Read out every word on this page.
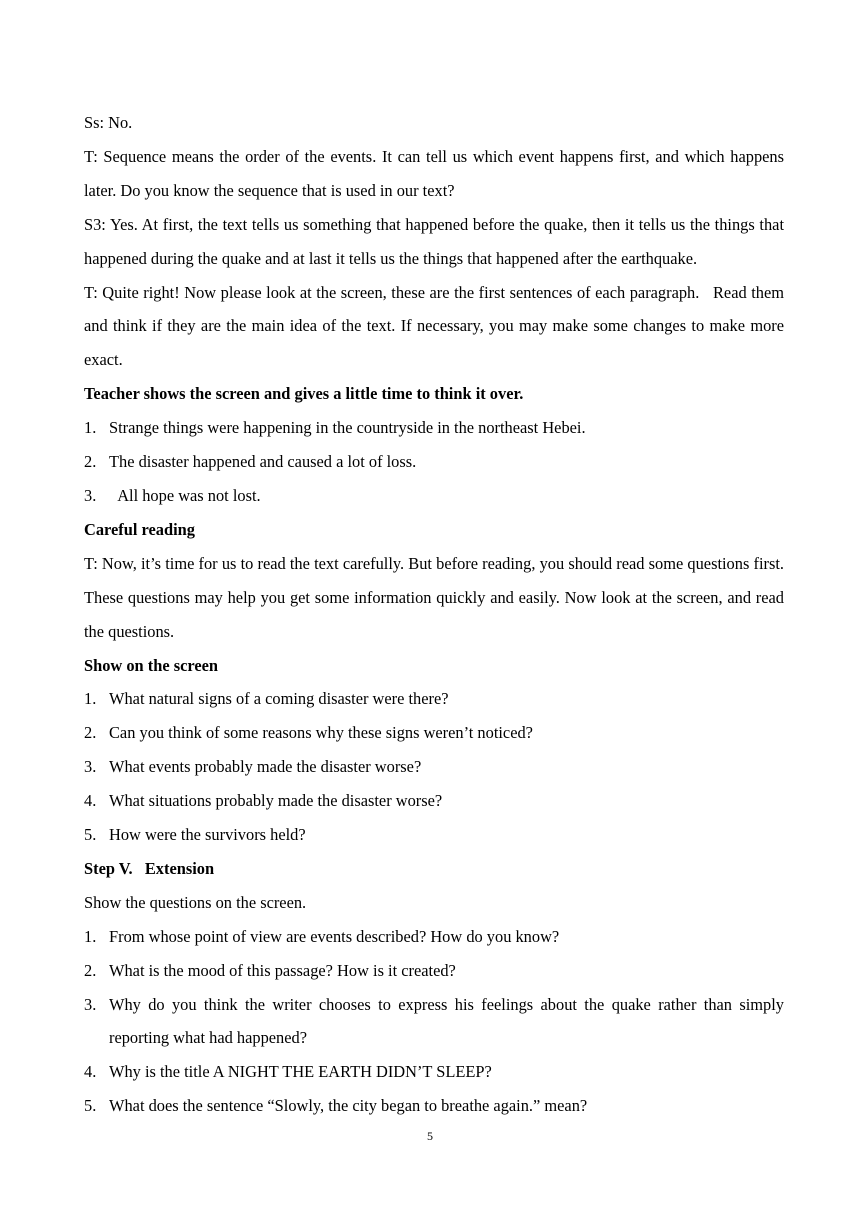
Ss: No.

T: Sequence means the order of the events. It can tell us which event happens first, and which happens later. Do you know the sequence that is used in our text?

S3: Yes. At first, the text tells us something that happened before the quake, then it tells us the things that happened during the quake and at last it tells us the things that happened after the earthquake.

T: Quite right! Now please look at the screen, these are the first sentences of each paragraph.   Read them and think if they are the main idea of the text. If necessary, you may make some changes to make more exact.

Teacher shows the screen and gives a little time to think it over.

1. Strange things were happening in the countryside in the northeast Hebei.
2. The disaster happened and caused a lot of loss.
3. All hope was not lost.

Careful reading

T: Now, it’s time for us to read the text carefully. But before reading, you should read some questions first. These questions may help you get some information quickly and easily. Now look at the screen, and read the questions.

Show on the screen

1. What natural signs of a coming disaster were there?
2. Can you think of some reasons why these signs weren’t noticed?
3. What events probably made the disaster worse?
4. What situations probably made the disaster worse?
5. How were the survivors held?

Step V.   Extension

Show the questions on the screen.

1. From whose point of view are events described? How do you know?
2. What is the mood of this passage? How is it created?
3. Why do you think the writer chooses to express his feelings about the quake rather than simply reporting what had happened?
4. Why is the title A NIGHT THE EARTH DIDN’T SLEEP?
5. What does the sentence “Slowly, the city began to breathe again.” mean?
5
